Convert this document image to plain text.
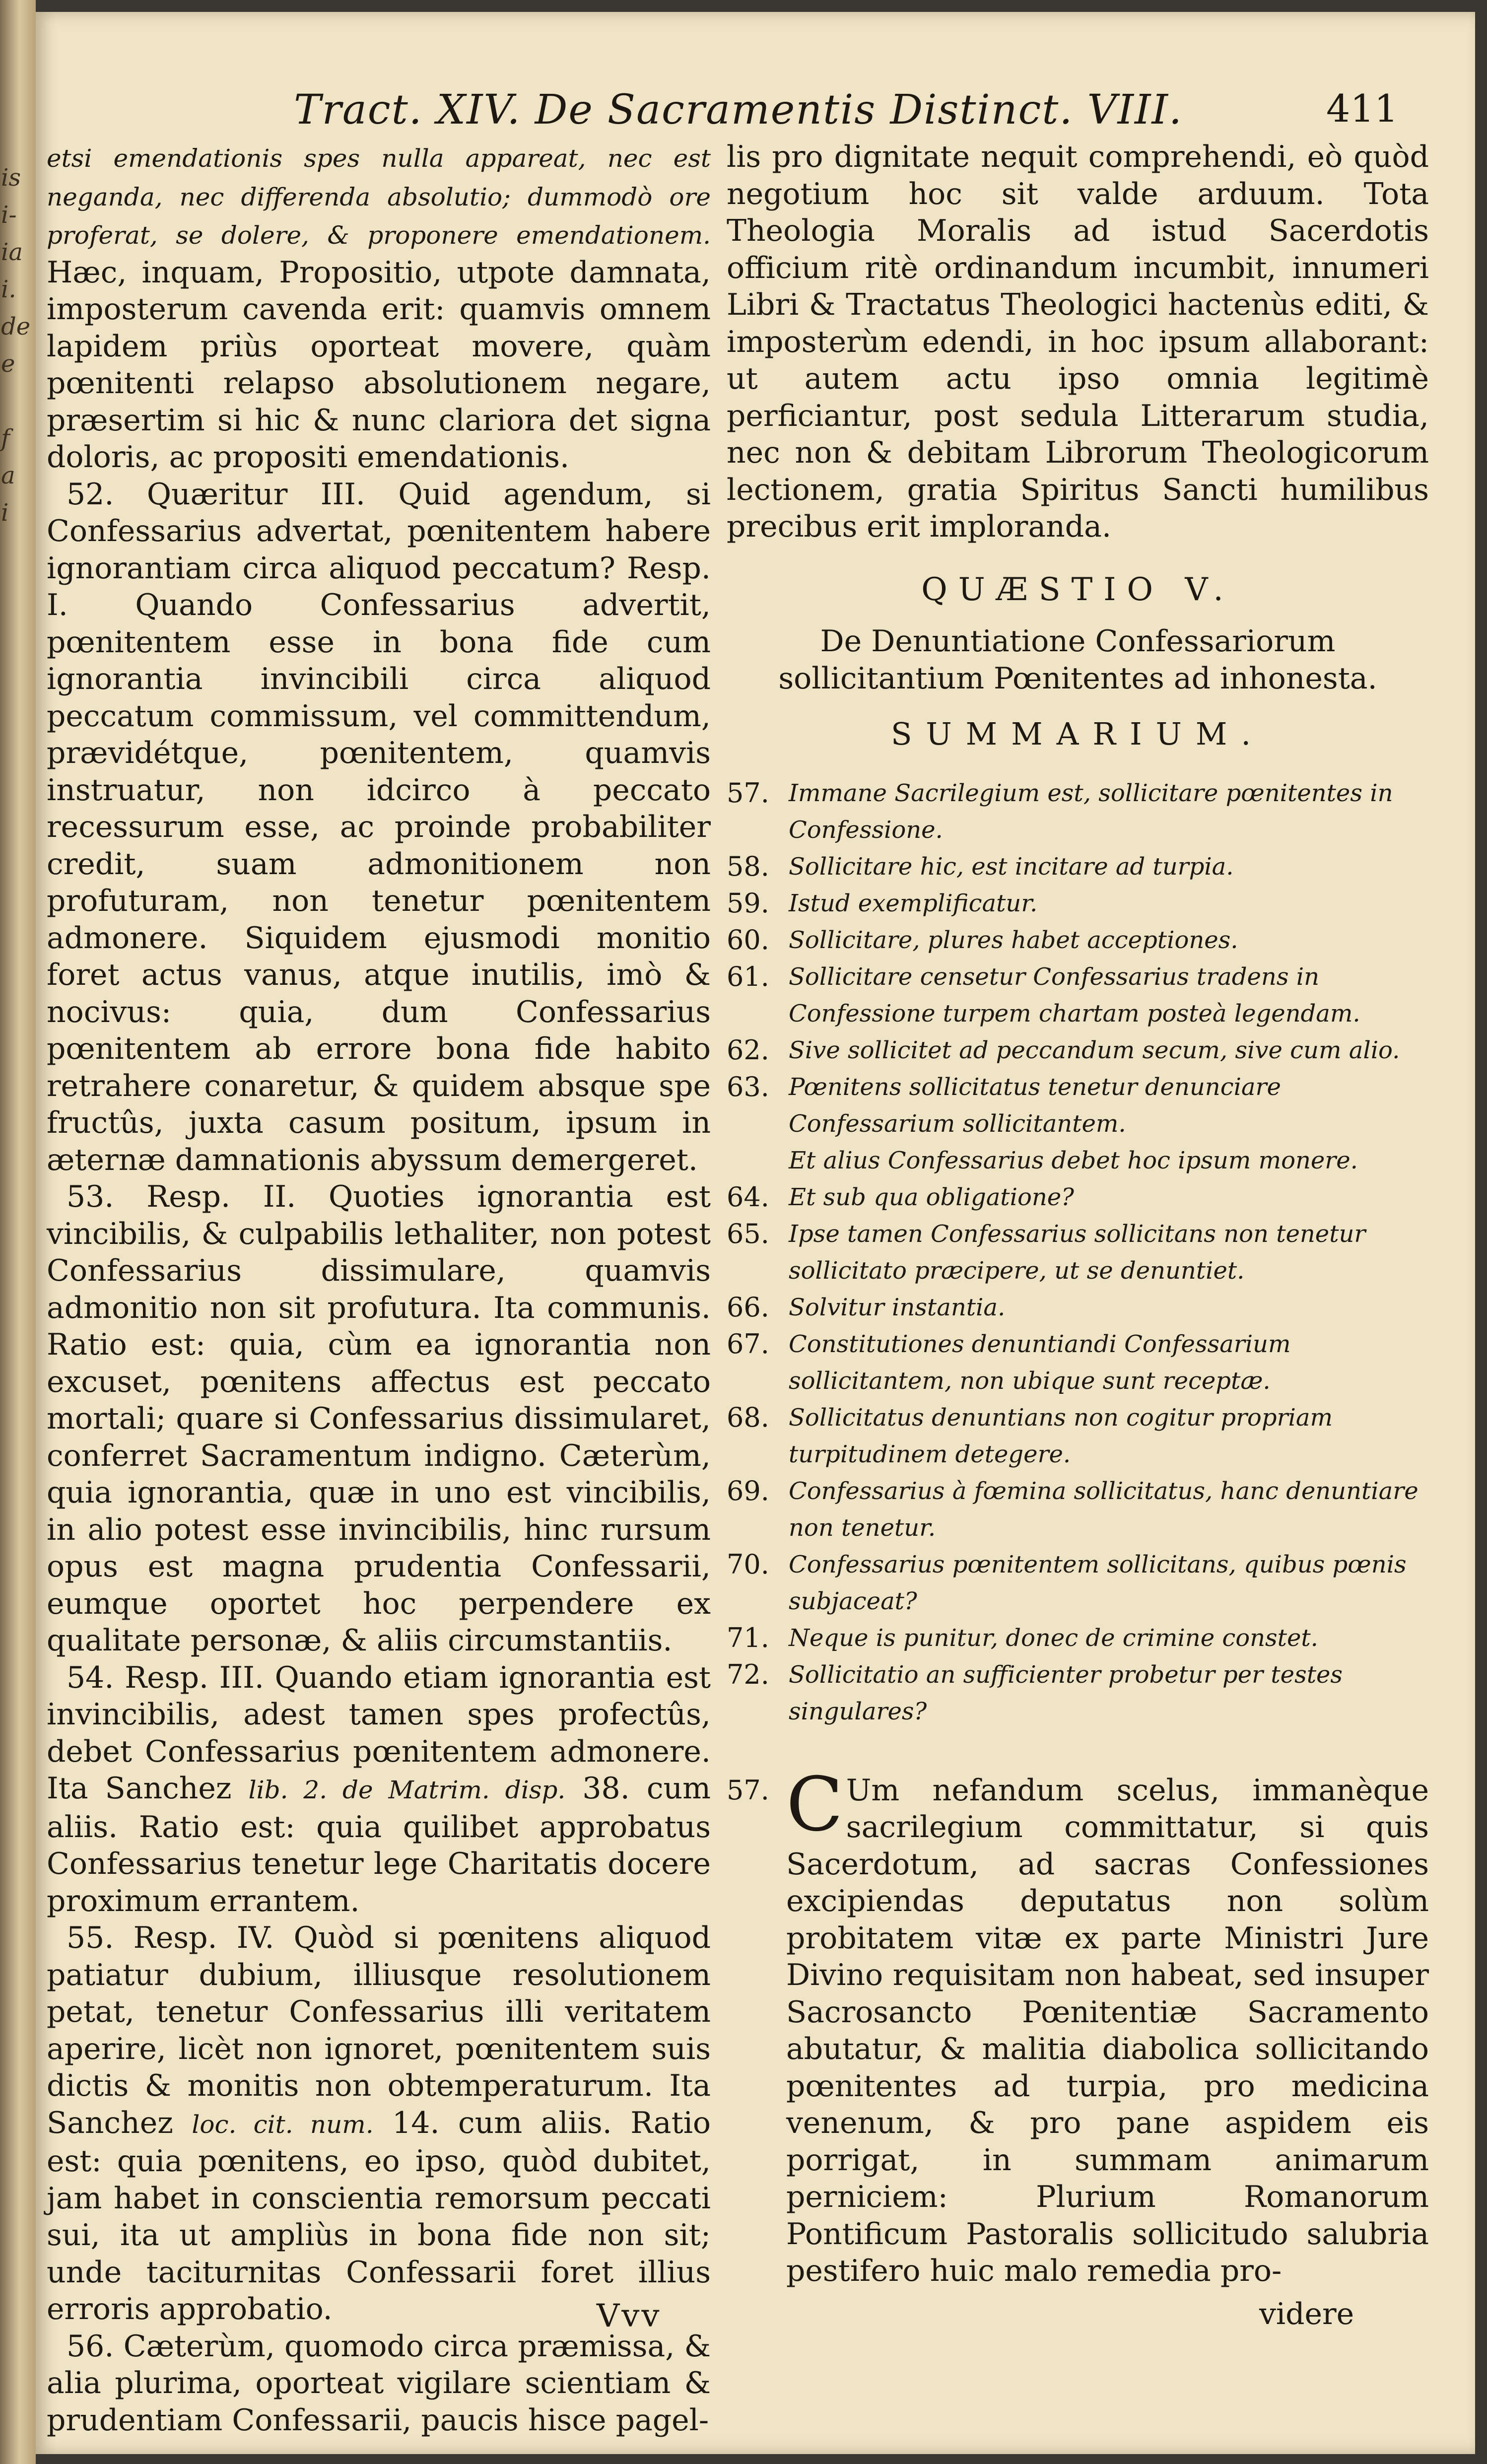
is
i-
ia
i.
de
e
f
a
i
Tract. XIV. De Sacramentis Distinct. VIII.	411

etsi emendationis spes nulla appareat, nec est neganda, nec differenda absolutio; dummodò ore proferat, se dolere, & proponere emendationem. Hæc, inquam, Propositio, utpote damnata, imposterum cavenda erit: quamvis omnem lapidem priùs oporteat movere, quàm pœnitenti relapso absolutionem negare, præsertim si hic & nunc clariora det signa doloris, ac propositi emendationis.

52. Quæritur III. Quid agendum, si Confessarius advertat, pœnitentem habere ignorantiam circa aliquod peccatum? Resp. I. Quando Confessarius advertit, pœnitentem esse in bona fide cum ignorantia invincibili circa aliquod peccatum commissum, vel committendum, prævidétque, pœnitentem, quamvis instruatur, non idcirco à peccato recessurum esse, ac proinde probabiliter credit, suam admonitionem non profuturam, non tenetur pœnitentem admonere. Siquidem ejusmodi monitio foret actus vanus, atque inutilis, imò & nocivus: quia, dum Confessarius pœnitentem ab errore bona fide habito retrahere conaretur, & quidem absque spe fructûs, juxta casum positum, ipsum in æternæ damnationis abyssum demergeret.

53. Resp. II. Quoties ignorantia est vincibilis, & culpabilis lethaliter, non potest Confessarius dissimulare, quamvis admonitio non sit profutura. Ita communis. Ratio est: quia, cùm ea ignorantia non excuset, pœnitens affectus est peccato mortali; quare si Confessarius dissimularet, conferret Sacramentum indigno. Cæterùm, quia ignorantia, quæ in uno est vincibilis, in alio potest esse invincibilis, hinc rursum opus est magna prudentia Confessarii, eumque oportet hoc perpendere ex qualitate personæ, & aliis circumstantiis.

54. Resp. III. Quando etiam ignorantia est invincibilis, adest tamen spes profectûs, debet Confessarius pœnitentem admonere. Ita Sanchez lib. 2. de Matrim. disp. 38. cum aliis. Ratio est: quia quilibet approbatus Confessarius tenetur lege Charitatis docere proximum errantem.

55. Resp. IV. Quòd si pœnitens aliquod patiatur dubium, illiusque resolutionem petat, tenetur Confessarius illi veritatem aperire, licèt non ignoret, pœnitentem suis dictis & monitis non obtemperaturum. Ita Sanchez loc. cit. num. 14. cum aliis. Ratio est: quia pœnitens, eo ipso, quòd dubitet, jam habet in conscientia remorsum peccati sui, ita ut ampliùs in bona fide non sit; unde taciturnitas Confessarii foret illius erroris approbatio.

56. Cæterùm, quomodo circa præmissa, & alia plurima, oporteat vigilare scientiam & prudentiam Confessarii, paucis hisce pagel-

Vvv

lis pro dignitate nequit comprehendi, eò quòd negotium hoc sit valde arduum. Tota Theologia Moralis ad istud Sacerdotis officium ritè ordinandum incumbit, innumeri Libri & Tractatus Theologici hactenùs editi, & imposterùm edendi, in hoc ipsum allaborant: ut autem actu ipso omnia legitimè perficiantur, post sedula Litterarum studia, nec non & debitam Librorum Theologicorum lectionem, gratia Spiritus Sancti humilibus precibus erit imploranda.

QUÆSTIO V.
De Denuntiatione Confessariorum sollicitantium Pœnitentes ad inhonesta.
SUMMARIUM.
57. Immane Sacrilegium est, sollicitare pœnitentes in Confessione.
58. Sollicitare hic, est incitare ad turpia.
59. Istud exemplificatur.
60. Sollicitare, plures habet acceptiones.
61. Sollicitare censetur Confessarius tradens in Confessione turpem chartam posteà legendam.
62. Sive sollicitet ad peccandum secum, sive cum alio.
63. Pœnitens sollicitatus tenetur denunciare Confessarium sollicitantem.
Et alius Confessarius debet hoc ipsum monere.
64. Et sub qua obligatione?
65. Ipse tamen Confessarius sollicitans non tenetur sollicitato præcipere, ut se denuntiet.
66. Solvitur instantia.
67. Constitutiones denuntiandi Confessarium sollicitantem, non ubique sunt receptæ.
68. Sollicitatus denuntians non cogitur propriam turpitudinem detegere.
69. Confessarius à fœmina sollicitatus, hanc denuntiare non tenetur.
70. Confessarius pœnitentem sollicitans, quibus pœnis subjaceat?
71. Neque is punitur, donec de crimine constet.
72. Sollicitatio an sufficienter probetur per testes singulares?
57. C Um nefandum scelus, immanèque sacrilegium committatur, si quis Sacerdotum, ad sacras Confessiones excipiendas deputatus non solùm probitatem vitæ ex parte Ministri Jure Divino requisitam non habeat, sed insuper Sacrosancto Pœnitentiæ Sacramento abutatur, & malitia diabolica sollicitando pœnitentes ad turpia, pro medicina venenum, & pro pane aspidem eis porrigat, in summam animarum perniciem: Plurium Romanorum Pontificum Pastoralis sollicitudo salubria pestifero huic malo remedia pro-
videre
